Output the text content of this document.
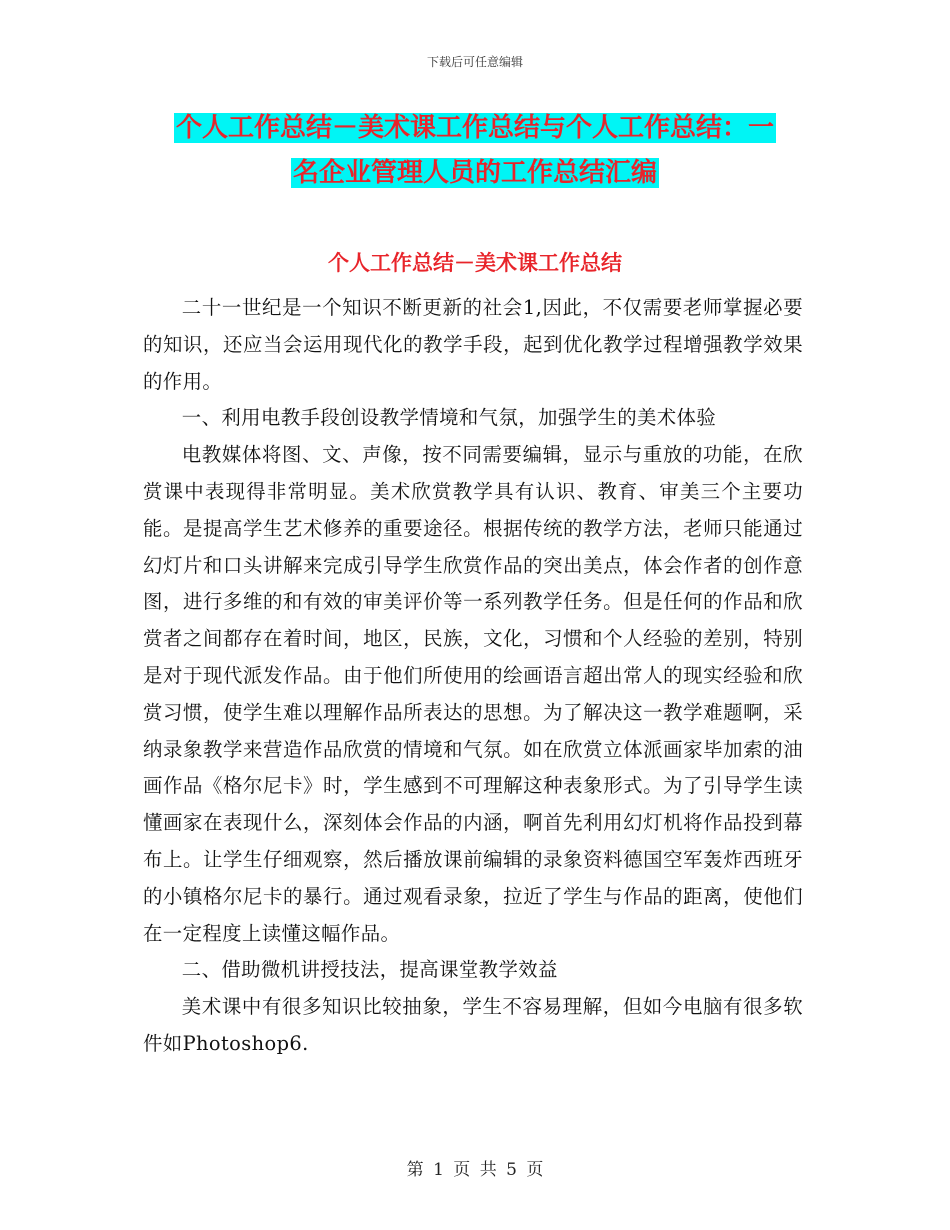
下载后可任意编辑
个人工作总结－美术课工作总结与个人工作总结：一
名企业管理人员的工作总结汇编
个人工作总结－美术课工作总结

二十一世纪是一个知识不断更新的社会1,因此，不仅需要老师掌握必要的知识，还应当会运用现代化的教学手段，起到优化教学过程增强教学效果的作用。

一、利用电教手段创设教学情境和气氛，加强学生的美术体验

电教媒体将图、文、声像，按不同需要编辑，显示与重放的功能，在欣赏课中表现得非常明显。美术欣赏教学具有认识、教育、审美三个主要功能。是提高学生艺术修养的重要途径。根据传统的教学方法，老师只能通过幻灯片和口头讲解来完成引导学生欣赏作品的突出美点，体会作者的创作意图，进行多维的和有效的审美评价等一系列教学任务。但是任何的作品和欣赏者之间都存在着时间，地区，民族，文化，习惯和个人经验的差别，特别是对于现代派发作品。由于他们所使用的绘画语言超出常人的现实经验和欣赏习惯，使学生难以理解作品所表达的思想。为了解决这一教学难题啊，采纳录象教学来营造作品欣赏的情境和气氛。如在欣赏立体派画家毕加索的油画作品《格尔尼卡》时，学生感到不可理解这种表象形式。为了引导学生读懂画家在表现什么，深刻体会作品的内涵，啊首先利用幻灯机将作品投到幕布上。让学生仔细观察，然后播放课前编辑的录象资料德国空军轰炸西班牙的小镇格尔尼卡的暴行。通过观看录象，拉近了学生与作品的距离，使他们在一定程度上读懂这幅作品。

二、借助微机讲授技法，提高课堂教学效益

美术课中有很多知识比较抽象，学生不容易理解，但如今电脑有很多软件如Photoshop6.

第 1 页 共 5 页
